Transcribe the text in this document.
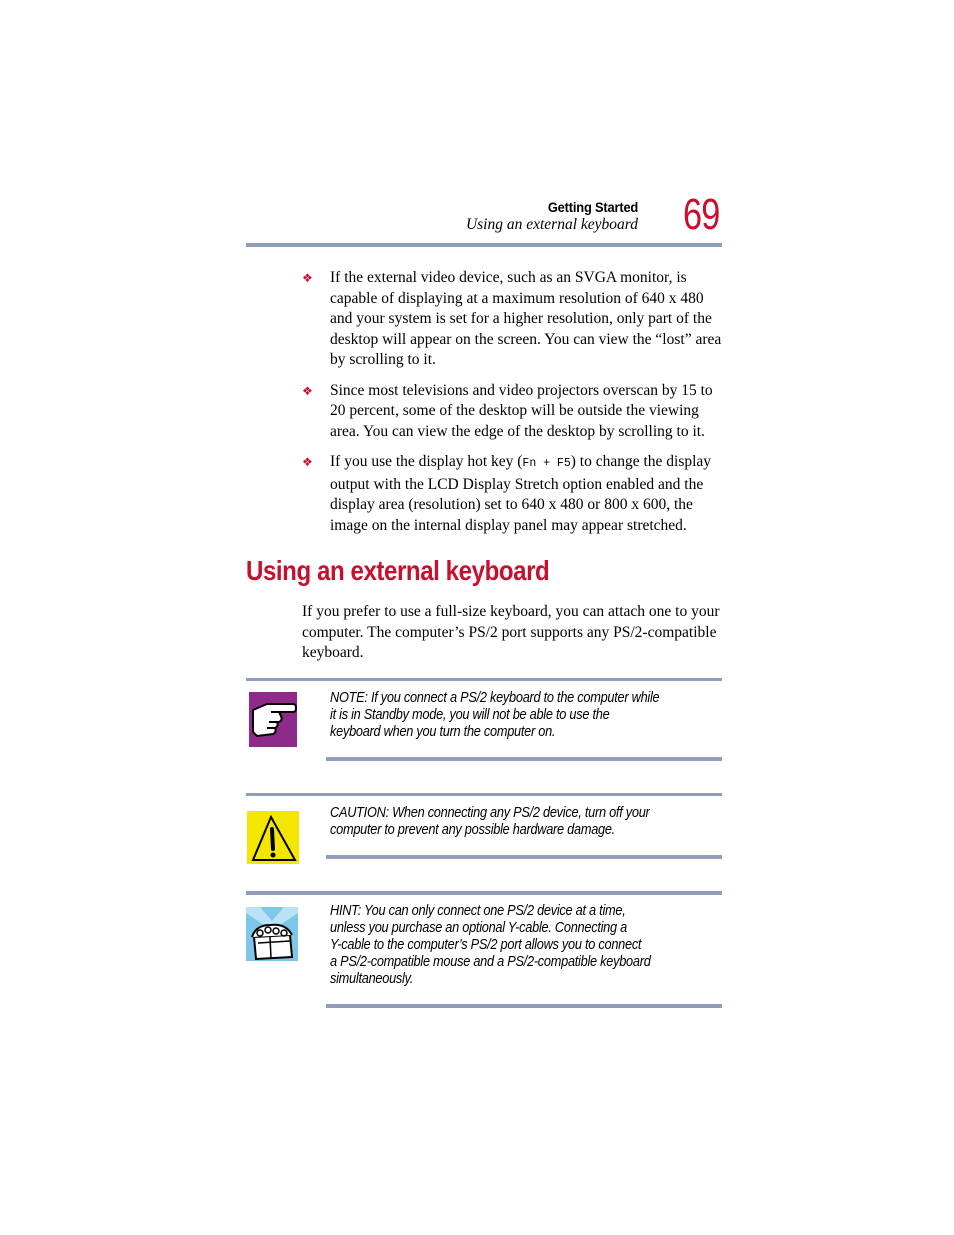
Getting Started
Using an external keyboard 69
❖ If the external video device, such as an SVGA monitor, is capable of displaying at a maximum resolution of 640 x 480 and your system is set for a higher resolution, only part of the desktop will appear on the screen. You can view the “lost” area by scrolling to it.
❖ Since most televisions and video projectors overscan by 15 to 20 percent, some of the desktop will be outside the viewing area. You can view the edge of the desktop by scrolling to it.
❖ If you use the display hot key (Fn + F5) to change the display output with the LCD Display Stretch option enabled and the display area (resolution) set to 640 x 480 or 800 x 600, the image on the internal display panel may appear stretched.
Using an external keyboard
If you prefer to use a full-size keyboard, you can attach one to your computer. The computer’s PS/2 port supports any PS/2-compatible keyboard.
NOTE: If you connect a PS/2 keyboard to the computer while
it is in Standby mode, you will not be able to use the
keyboard when you turn the computer on.
CAUTION: When connecting any PS/2 device, turn off your
computer to prevent any possible hardware damage.
HINT: You can only connect one PS/2 device at a time,
unless you purchase an optional Y-cable. Connecting a
Y-cable to the computer’s PS/2 port allows you to connect
a PS/2-compatible mouse and a PS/2-compatible keyboard
simultaneously.
